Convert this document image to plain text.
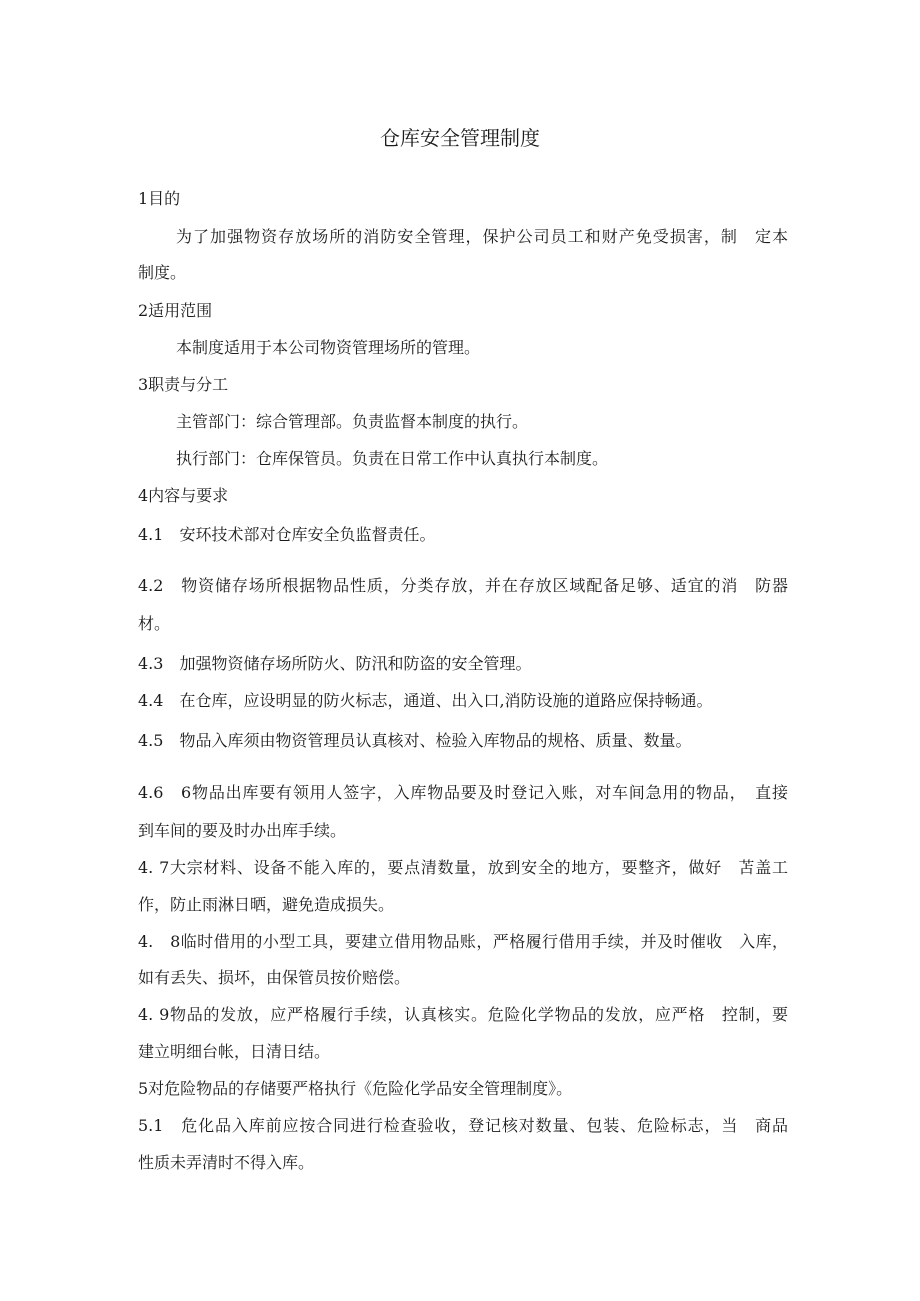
仓库安全管理制度
1目的
为了加强物资存放场所的消防安全管理，保护公司员工和财产免受损害，制　定本
制度。
2适用范围
本制度适用于本公司物资管理场所的管理。
3职责与分工
主管部门：综合管理部。负责监督本制度的执行。
执行部门：仓库保管员。负责在日常工作中认真执行本制度。
4内容与要求
4.1　安环技术部对仓库安全负监督责任。
4.2　物资储存场所根据物品性质，分类存放，并在存放区域配备足够、适宜的消　防器
材。
4.3　加强物资储存场所防火、防汛和防盗的安全管理。
4.4　在仓库，应设明显的防火标志，通道、出入口,消防设施的道路应保持畅通。
4.5　物品入库须由物资管理员认真核对、检验入库物品的规格、质量、数量。
4.6　6物品出库要有领用人签字，入库物品要及时登记入账，对车间急用的物品，　直接
到车间的要及时办出库手续。
4. 7大宗材料、设备不能入库的，要点清数量，放到安全的地方，要整齐，做好　苫盖工
作，防止雨淋日晒，避免造成损失。
4.　8临时借用的小型工具，要建立借用物品账，严格履行借用手续，并及时催收　入库，
如有丢失、损坏，由保管员按价赔偿。
4. 9物品的发放，应严格履行手续，认真核实。危险化学物品的发放，应严格　控制，要
建立明细台帐，日清日结。
5对危险物品的存储要严格执行《危险化学品安全管理制度》。
5.1　危化品入库前应按合同进行检查验收，登记核对数量、包装、危险标志，当　商品
性质未弄清时不得入库。
